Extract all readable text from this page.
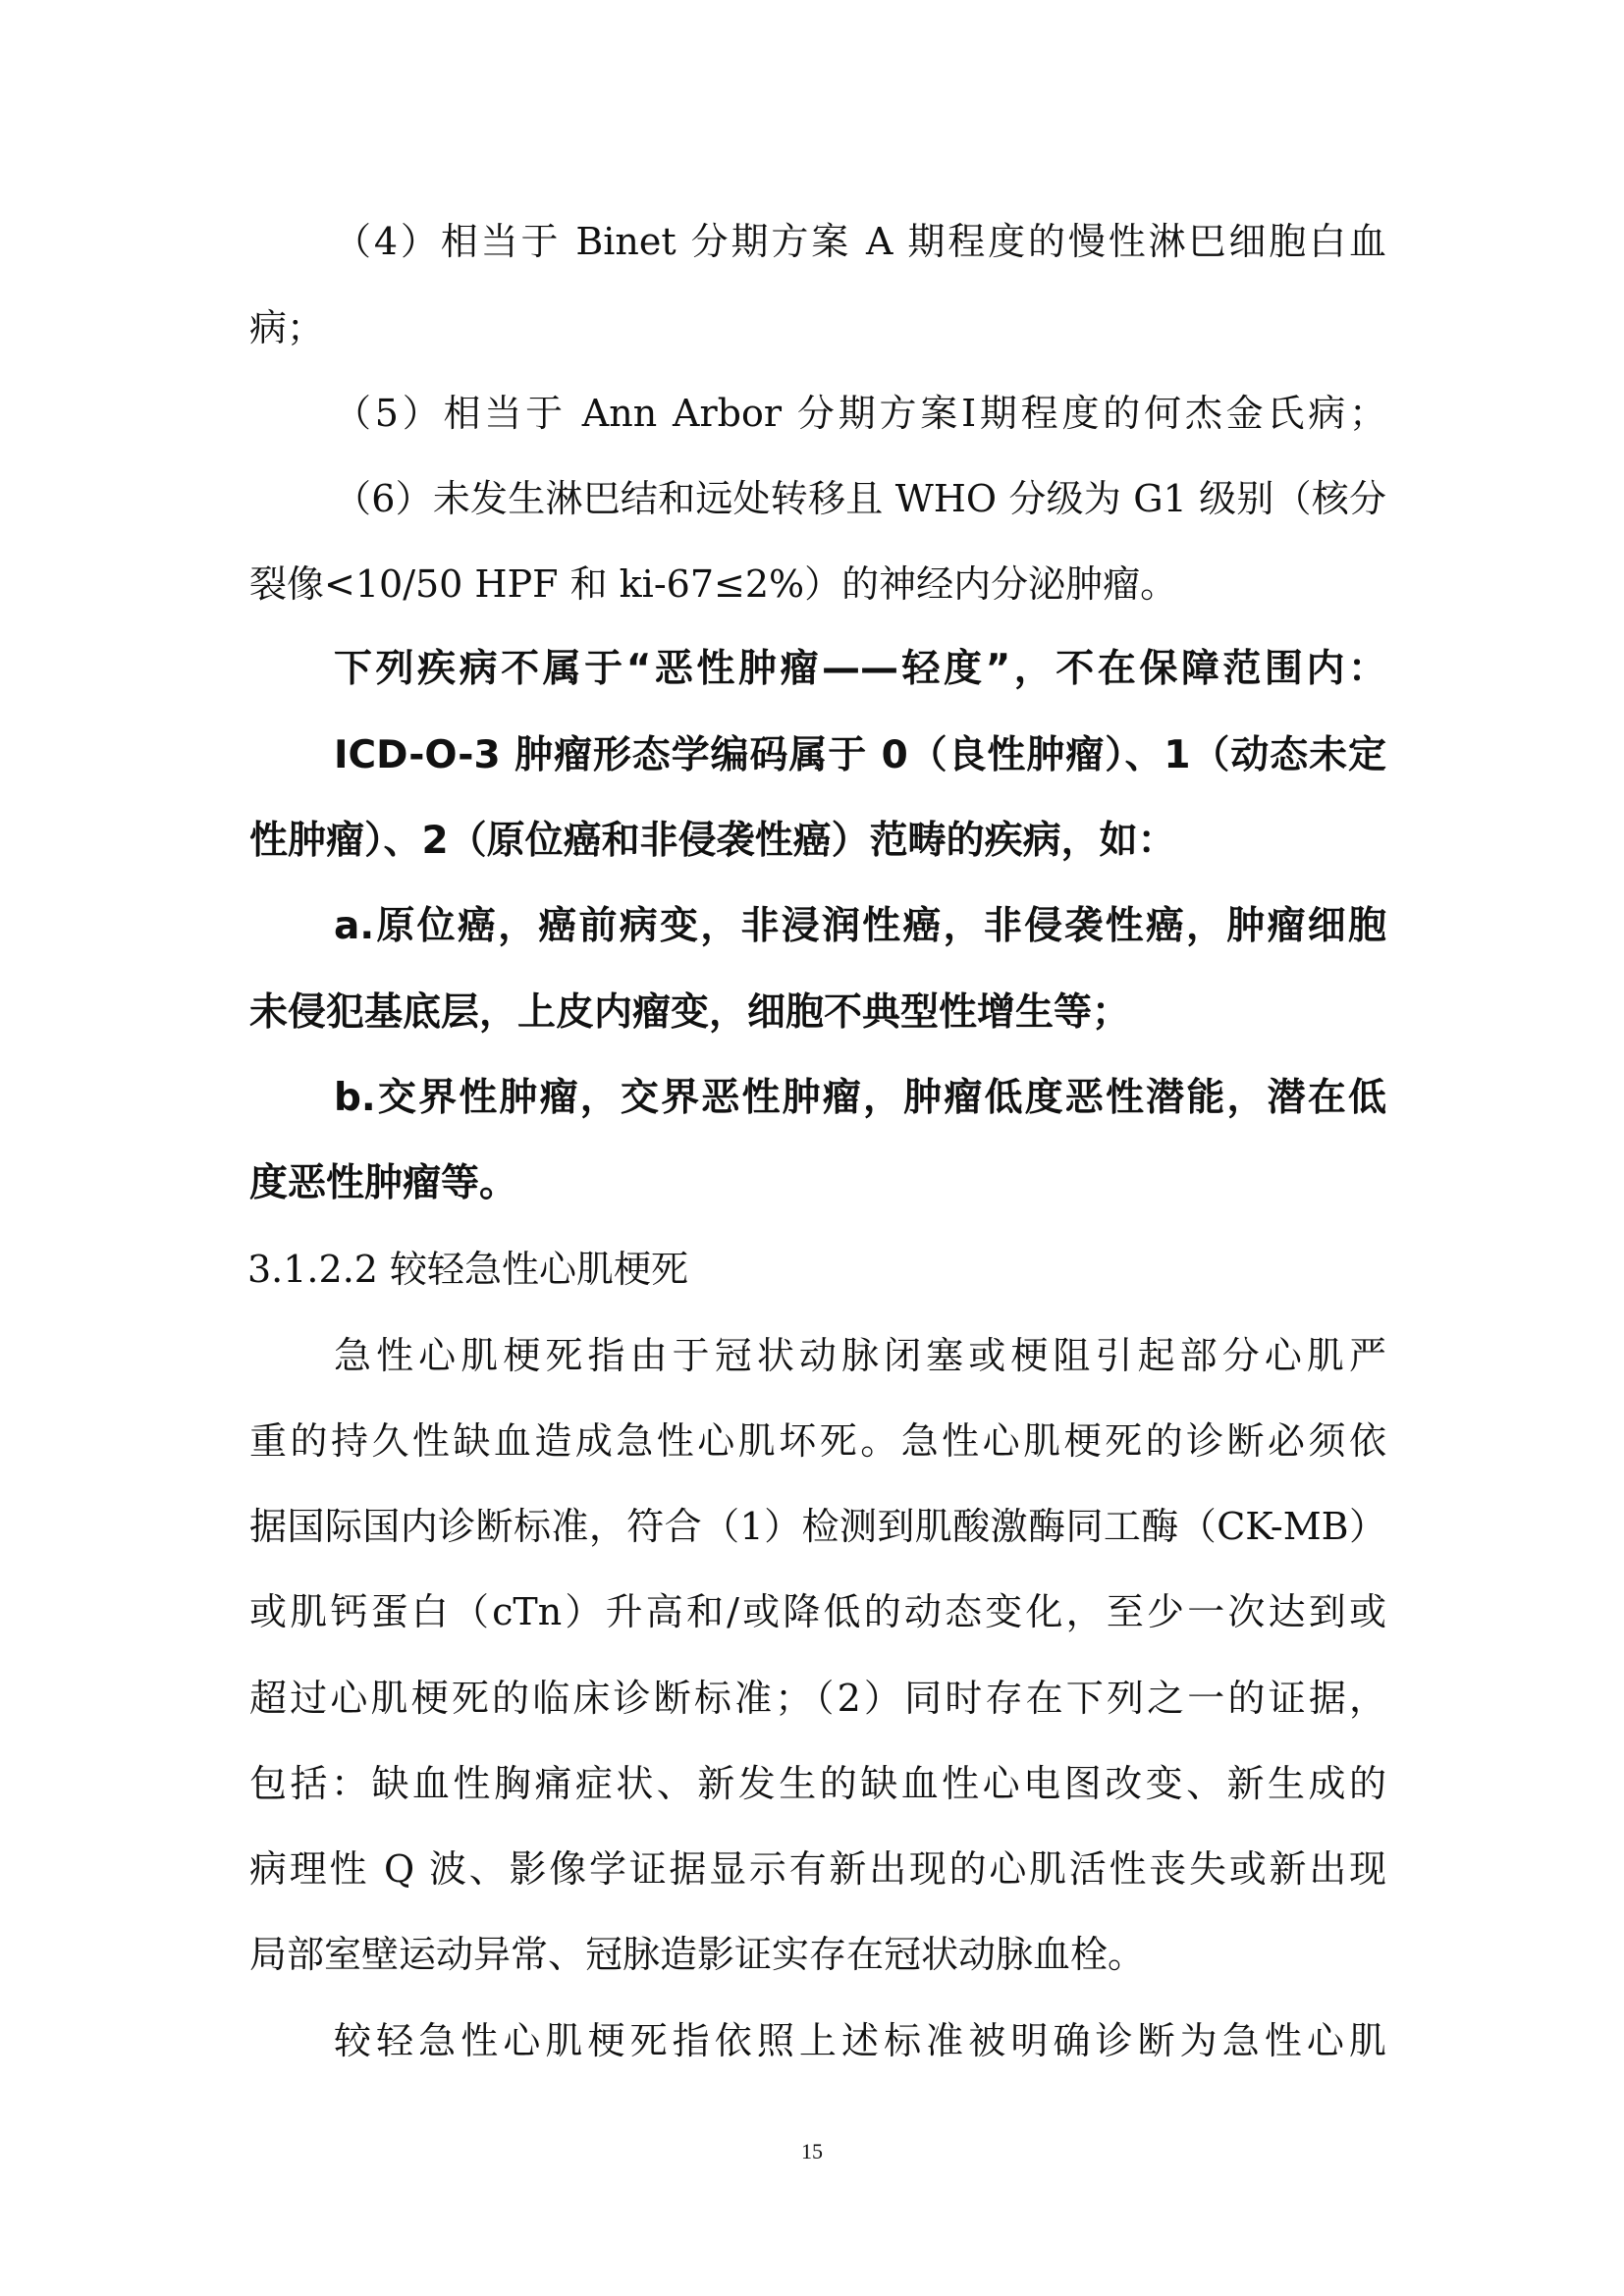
（4）相当于 Binet 分期方案 A 期程度的慢性淋巴细胞白血
病；
（5）相当于 Ann Arbor 分期方案Ⅰ期程度的何杰金氏病；
（6）未发生淋巴结和远处转移且 WHO 分级为 G1 级别（核分
裂像<10/50 HPF 和 ki-67≤2%）的神经内分泌肿瘤。
下列疾病不属于“恶性肿瘤——轻度”，不在保障范围内：
ICD-O-3 肿瘤形态学编码属于 0（良性肿瘤）、1（动态未定
性肿瘤）、2（原位癌和非侵袭性癌）范畴的疾病，如：
a.原位癌，癌前病变，非浸润性癌，非侵袭性癌，肿瘤细胞
未侵犯基底层，上皮内瘤变，细胞不典型性增生等；
b.交界性肿瘤，交界恶性肿瘤，肿瘤低度恶性潜能，潜在低
度恶性肿瘤等。
3.1.2.2 较轻急性心肌梗死
急性心肌梗死指由于冠状动脉闭塞或梗阻引起部分心肌严
重的持久性缺血造成急性心肌坏死。急性心肌梗死的诊断必须依
据国际国内诊断标准，符合（1）检测到肌酸激酶同工酶（CK-MB）
或肌钙蛋白（cTn）升高和/或降低的动态变化，至少一次达到或
超过心肌梗死的临床诊断标准；（2）同时存在下列之一的证据，
包括：缺血性胸痛症状、新发生的缺血性心电图改变、新生成的
病理性 Q 波、影像学证据显示有新出现的心肌活性丧失或新出现
局部室壁运动异常、冠脉造影证实存在冠状动脉血栓。
较轻急性心肌梗死指依照上述标准被明确诊断为急性心肌
15
